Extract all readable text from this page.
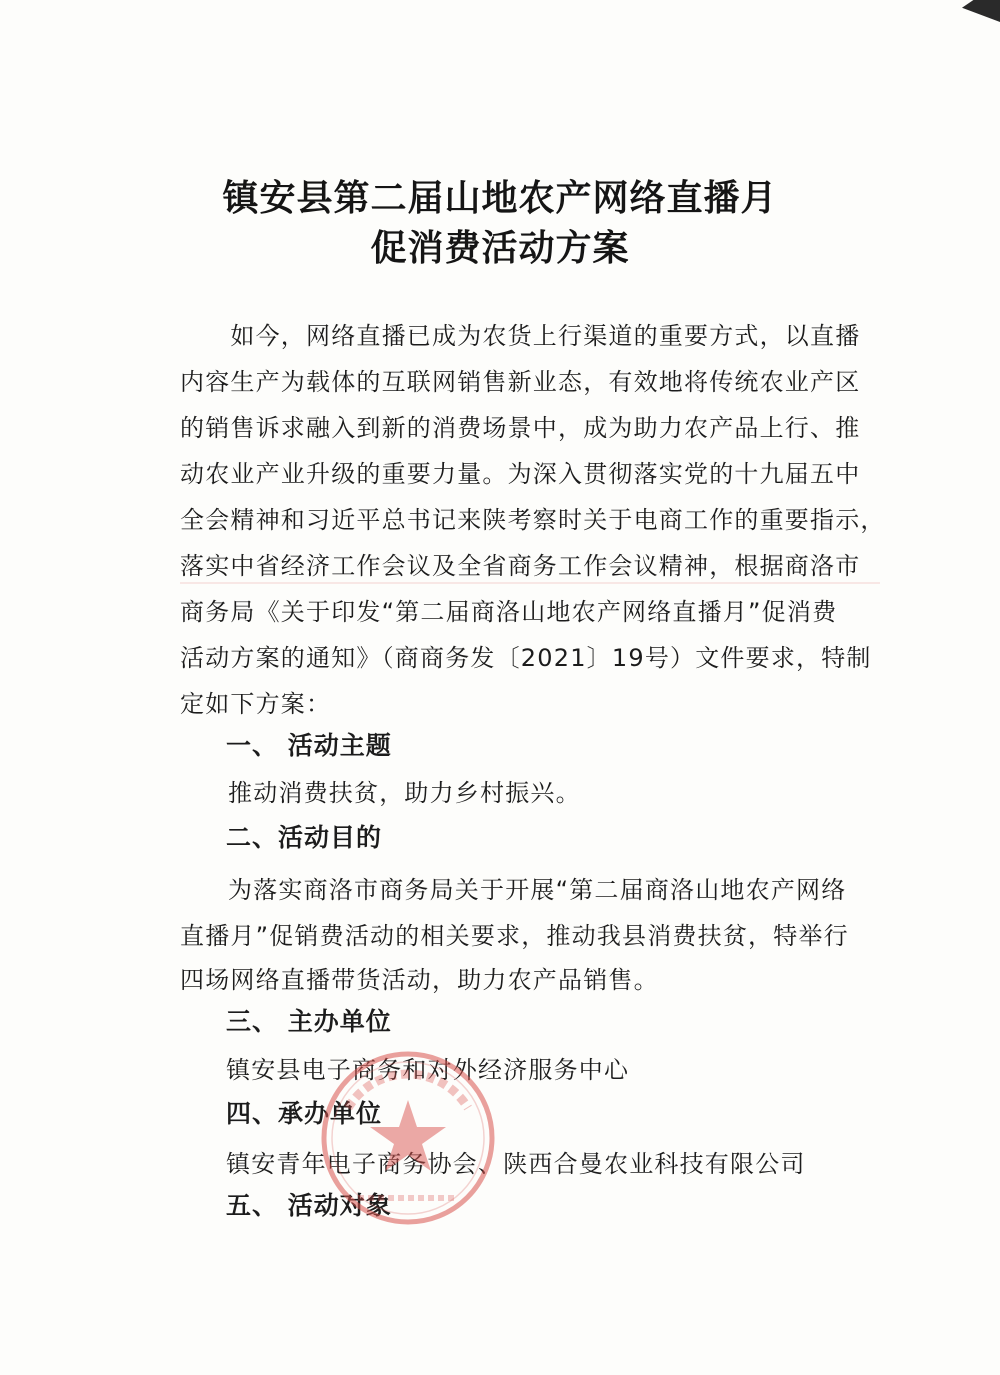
镇安县第二届山地农产网络直播月
促消费活动方案
　　如今，网络直播已成为农货上行渠道的重要方式，以直播
内容生产为载体的互联网销售新业态，有效地将传统农业产区
的销售诉求融入到新的消费场景中，成为助力农产品上行、推
动农业产业升级的重要力量。为深入贯彻落实党的十九届五中
全会精神和习近平总书记来陕考察时关于电商工作的重要指示，
落实中省经济工作会议及全省商务工作会议精神，根据商洛市
商务局《关于印发“第二届商洛山地农产网络直播月”促消费
活动方案的通知》（商商务发〔2021〕19号）文件要求，特制
定如下方案：
一、 活动主题
推动消费扶贫，助力乡村振兴。
二、活动目的
为落实商洛市商务局关于开展“第二届商洛山地农产网络
直播月”促销费活动的相关要求，推动我县消费扶贫，特举行
四场网络直播带货活动，助力农产品销售。
三、 主办单位
镇安县电子商务和对外经济服务中心
四、承办单位
镇安青年电子商务协会、陕西合曼农业科技有限公司
五、 活动对象
